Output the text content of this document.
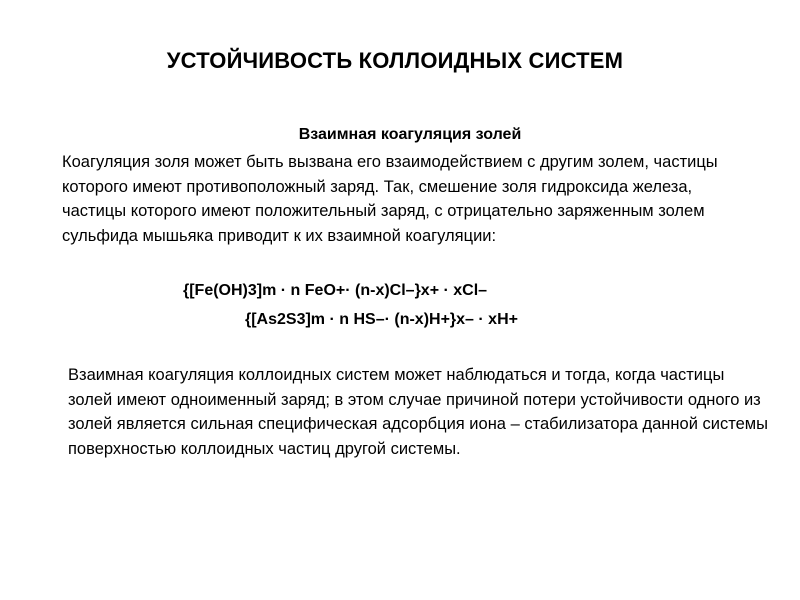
УСТОЙЧИВОСТЬ КОЛЛОИДНЫХ СИСТЕМ
Взаимная коагуляция золей
Коагуляция золя может быть вызвана его взаимодействием с другим золем, частицы которого имеют противоположный заряд. Так, смешение золя гидроксида железа, частицы которого имеют положительный заряд, с отрицательно заряженным золем сульфида мышьяка приводит к их взаимной коагуляции:
{[Fe(OH)3]m · n FeO+· (n-x)Cl–}x+ · xCl–
{[As2S3]m · n HS–· (n-x)H+}x– · xH+
Взаимная коагуляция коллоидных систем может наблюдаться и тогда, когда частицы золей имеют одноименный заряд; в этом случае причиной потери устойчивости одного из золей является сильная специфическая адсорбция иона – стабилизатора данной системы поверхностью коллоидных частиц другой системы.
